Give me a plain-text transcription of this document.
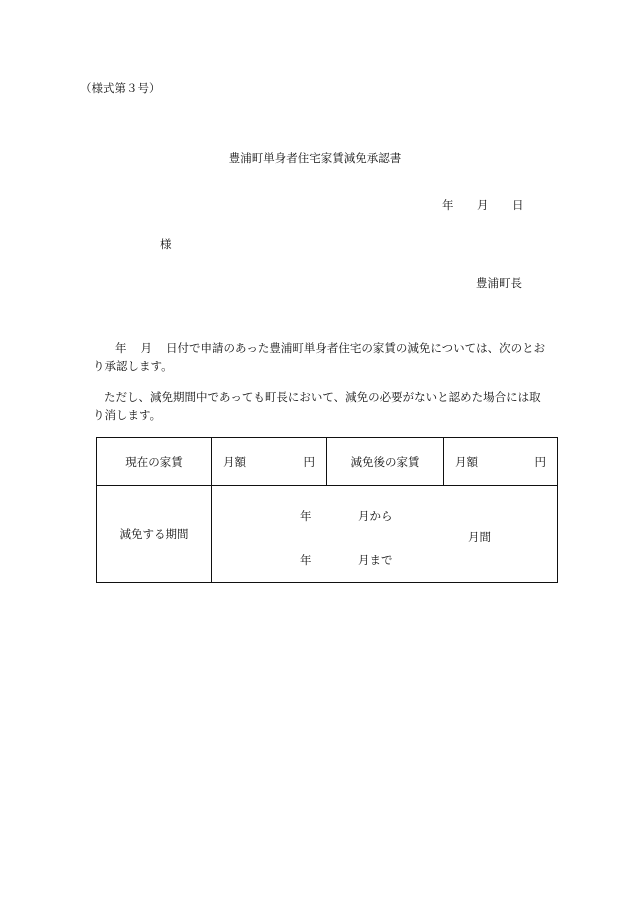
（様式第３号）
豊浦町単身者住宅家賃減免承認書
年 月 日
様
豊浦町長
年 月 日付で申請のあった豊浦町単身者住宅の家賃の減免については、次のとおり承認します。
ただし、減免期間中であっても町長において、減免の必要がないと認めた場合には取り消します。
現在の家賃	月額 円	減免後の家賃	月額 円

減免する期間	年 月から
月間
年 月まで		
